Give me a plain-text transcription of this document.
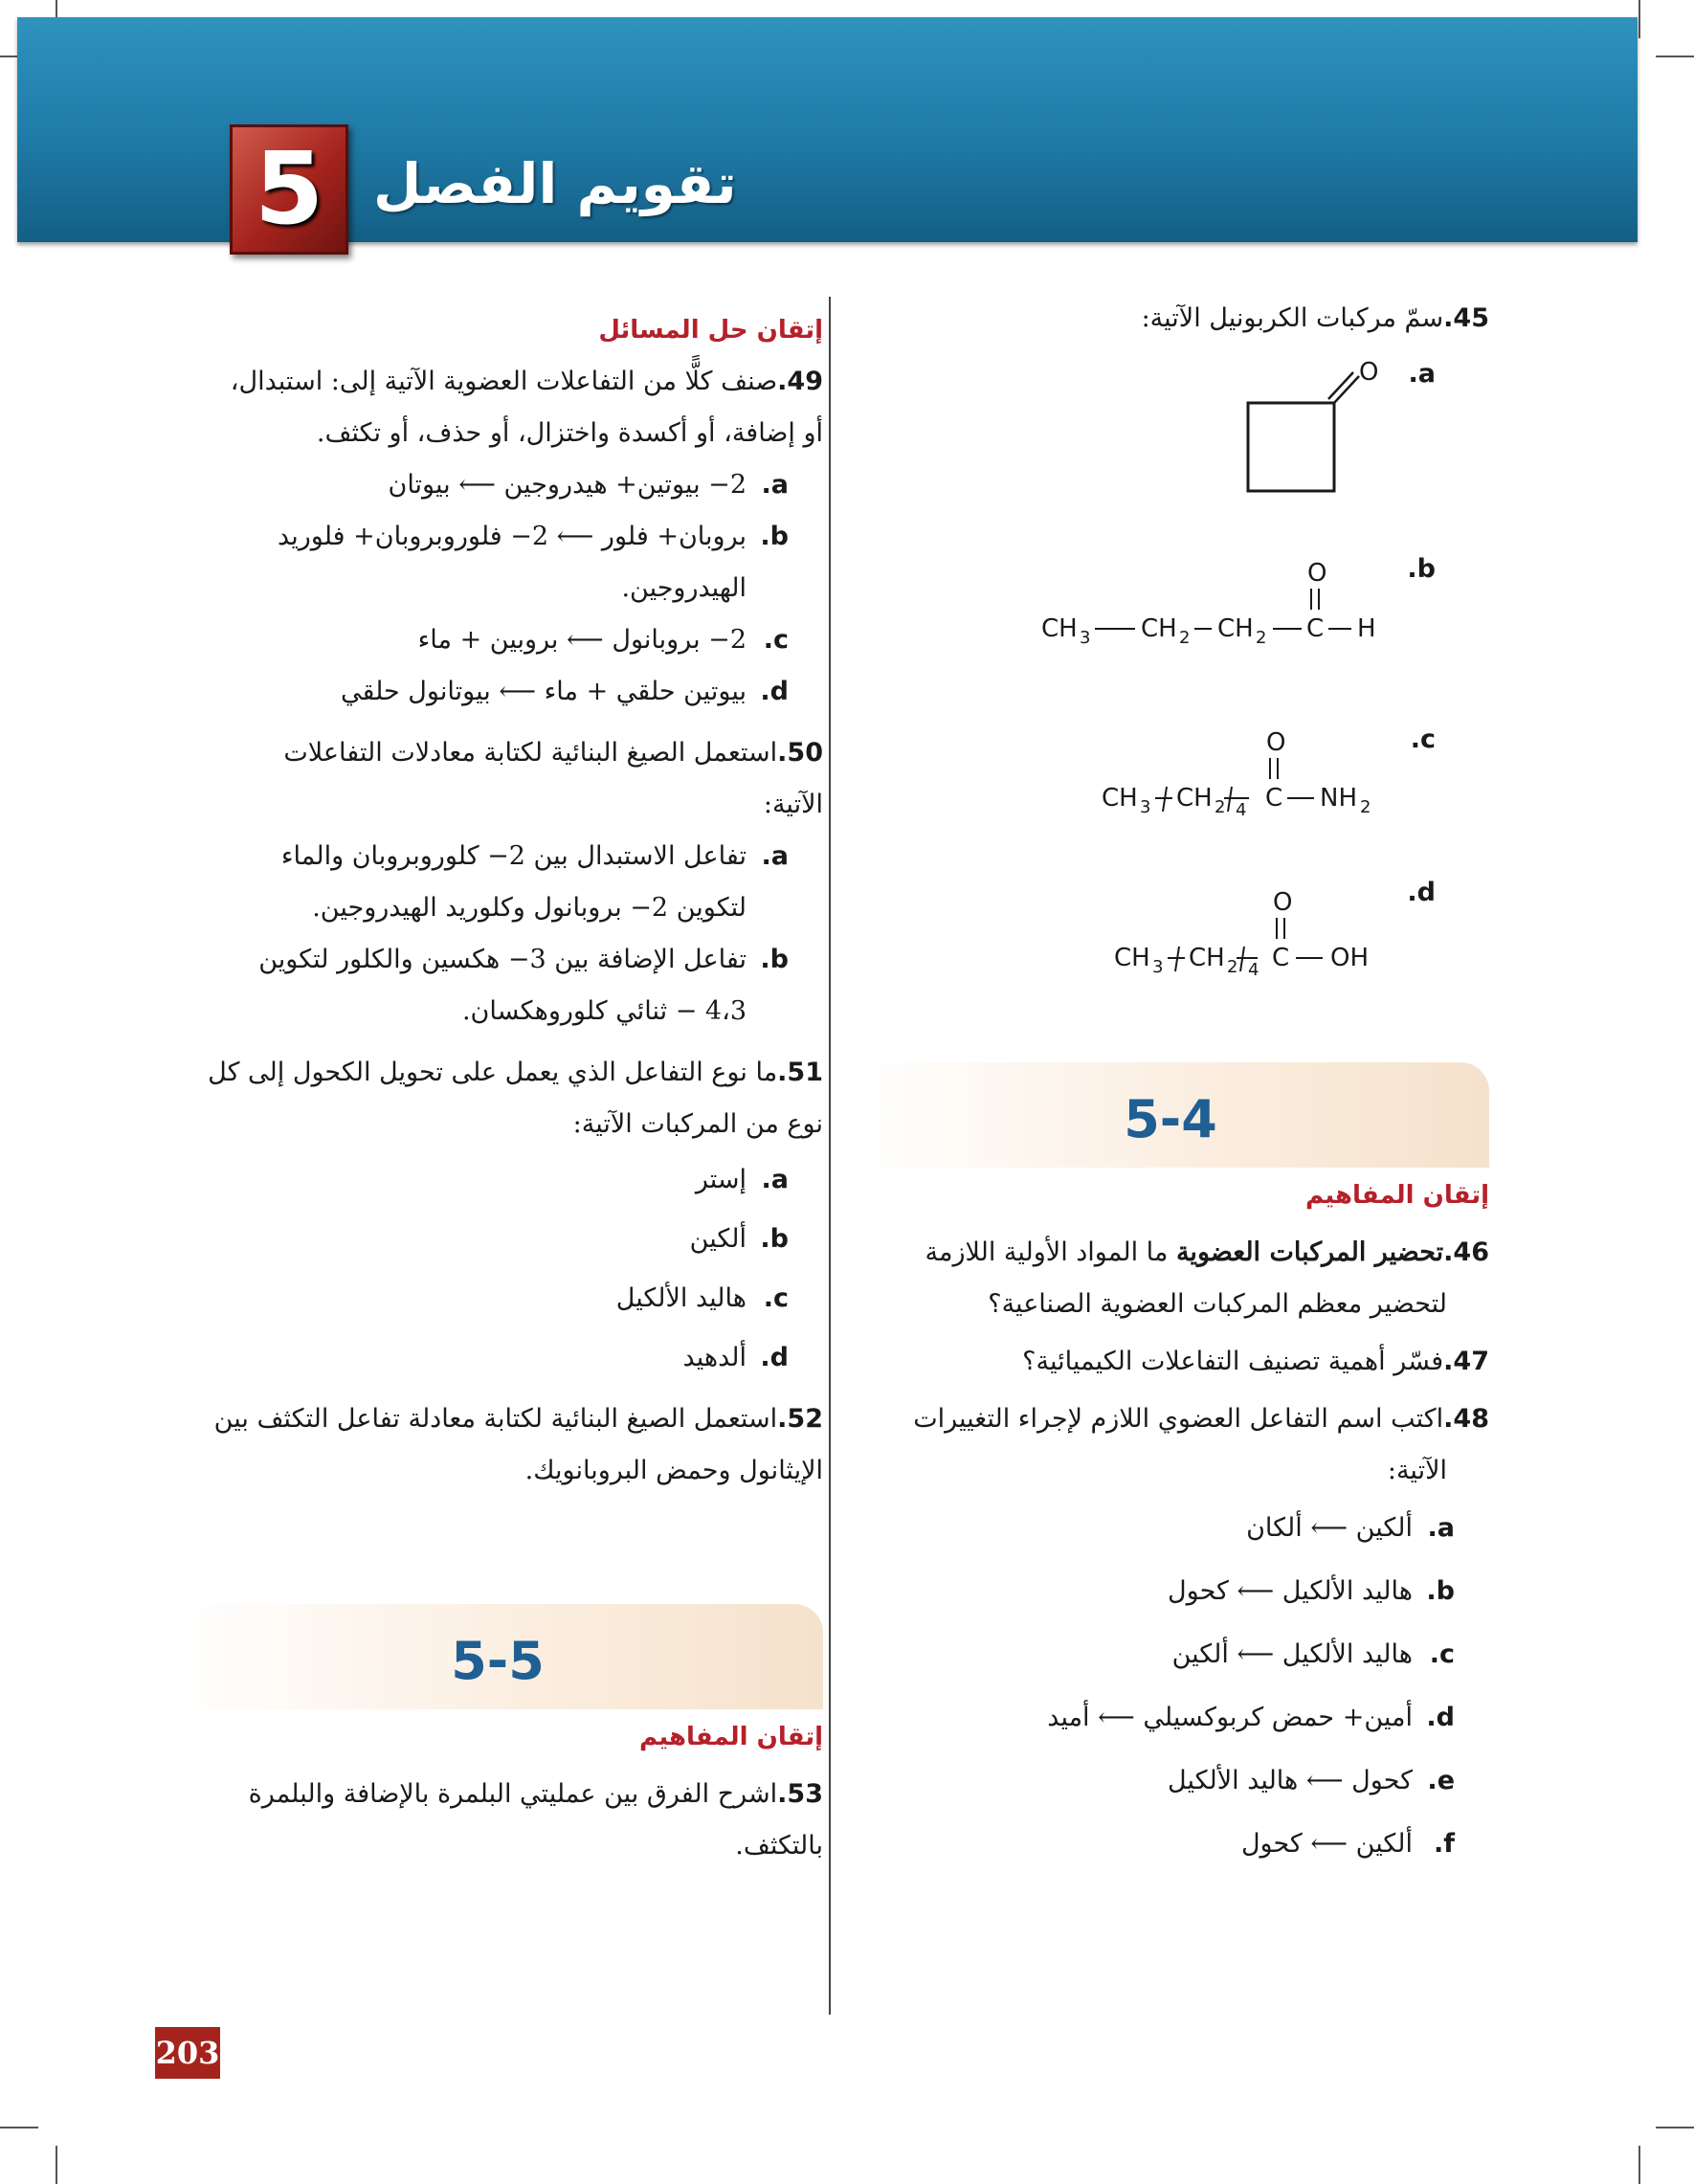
تقويم الفصل
5

إتقان حل المسائل

49.صنف كلًّا من التفاعلات العضوية الآتية إلى: استبدال،

أو إضافة، أو أكسدة واختزال، أو حذف، أو تكثف.

a.2− بيوتين+ هيدروجين ⟵ بيوتان

b.بروبان+ فلور ⟵ 2− فلوروبروبان+ فلوريد

الهيدروجين.

c.2− بروبانول ⟵ بروبين + ماء

d.بيوتين حلقي + ماء ⟵ بيوتانول حلقي

50.استعمل الصيغ البنائية لكتابة معادلات التفاعلات

الآتية:

a.تفاعل الاستبدال بين 2− كلوروبروبان والماء

لتكوين 2− بروبانول وكلوريد الهيدروجين.

b.تفاعل الإضافة بين 3− هكسين والكلور لتكوين

4،3 − ثنائي كلوروهكسان.

51.ما نوع التفاعل الذي يعمل على تحويل الكحول إلى كل

نوع من المركبات الآتية:

a.إستر

b.ألكين

c.هاليد الألكيل

d.ألدهيد

52.استعمل الصيغ البنائية لكتابة معادلة تفاعل التكثف بين

الإيثانول وحمض البروبانويك.

5-5

إتقان المفاهيم

53.اشرح الفرق بين عمليتي البلمرة بالإضافة والبلمرة

بالتكثف.

45.سمّ مركبات الكربونيل الآتية:

a.
b.
c.
d.
O
O
CH 3 CH 2 CH 2 C H
O
CH 3 CH 2 4 C NH 2
O
CH 3 CH 2 4 C OH
5-4

إتقان المفاهيم

46.تحضير المركبات العضوية ما المواد الأولية اللازمة

لتحضير معظم المركبات العضوية الصناعية؟

47.فسّر أهمية تصنيف التفاعلات الكيميائية؟

48.اكتب اسم التفاعل العضوي اللازم لإجراء التغييرات

الآتية:

a.ألكين ⟵ ألكان

b.هاليد الألكيل ⟵ كحول

c.هاليد الألكيل ⟵ ألكين

d.أمين+ حمض كربوكسيلي ⟵ أميد

e.كحول ⟵ هاليد الألكيل

f.ألكين ⟵ كحول

203
